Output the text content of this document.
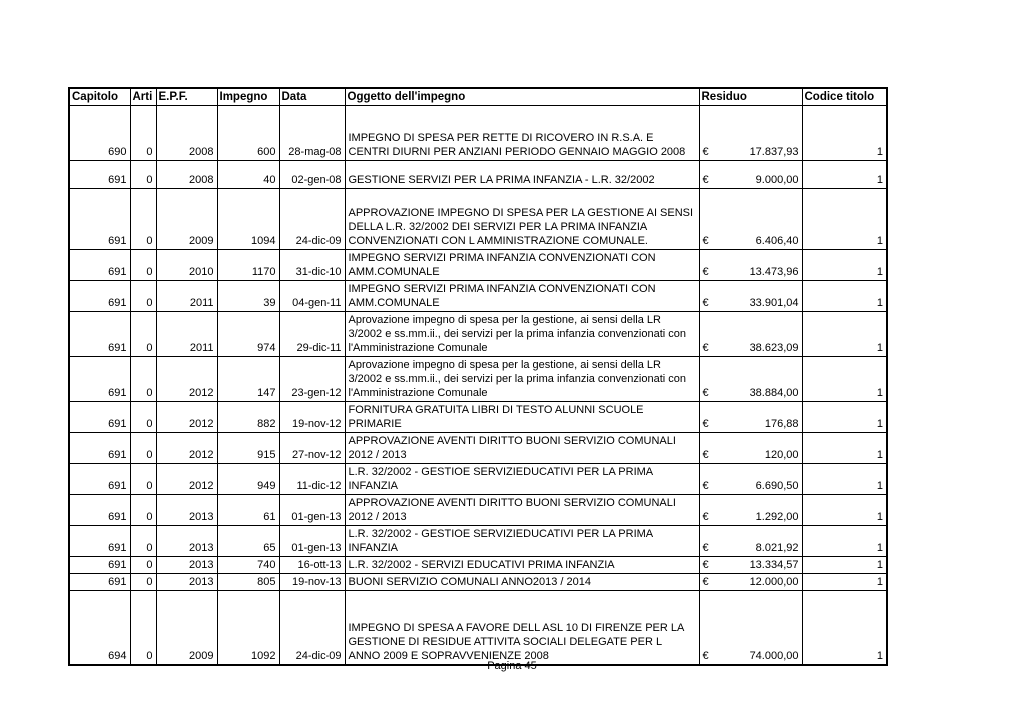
Capitolo	Arti	E.P.F.	Impegno	Data	Oggetto dell'impegno	Residuo	Codice titolo
690	0	2008	600	28-mag-08	IMPEGNO DI SPESA PER RETTE DI RICOVERO IN R.S.A. E CENTRI DIURNI PER ANZIANI PERIODO GENNAIO MAGGIO 2008	€ 17.837,93	1
691	0	2008	40	02-gen-08	GESTIONE SERVIZI PER LA PRIMA INFANZIA - L.R. 32/2002	€ 9.000,00	1
691	0	2009	1094	24-dic-09	APPROVAZIONE IMPEGNO DI SPESA PER LA GESTIONE AI SENSI DELLA L.R. 32/2002 DEI SERVIZI PER LA PRIMA INFANZIA CONVENZIONATI CON L AMMINISTRAZIONE COMUNALE.	€ 6.406,40	1
691	0	2010	1170	31-dic-10	IMPEGNO SERVIZI PRIMA INFANZIA CONVENZIONATI CON AMM.COMUNALE	€ 13.473,96	1
691	0	2011	39	04-gen-11	IMPEGNO SERVIZI PRIMA INFANZIA CONVENZIONATI CON AMM.COMUNALE	€ 33.901,04	1
691	0	2011	974	29-dic-11	Aprovazione impegno di spesa per la gestione, ai sensi della LR 3/2002 e ss.mm.ii., dei servizi per la prima infanzia convenzionati con l'Amministrazione Comunale	€ 38.623,09	1
691	0	2012	147	23-gen-12	Aprovazione impegno di spesa per la gestione, ai sensi della LR 3/2002 e ss.mm.ii., dei servizi per la prima infanzia convenzionati con l'Amministrazione Comunale	€ 38.884,00	1
691	0	2012	882	19-nov-12	FORNITURA GRATUITA LIBRI DI TESTO ALUNNI SCUOLE PRIMARIE	€ 176,88	1
691	0	2012	915	27-nov-12	APPROVAZIONE AVENTI DIRITTO BUONI SERVIZIO COMUNALI 2012 / 2013	€ 120,00	1
691	0	2012	949	11-dic-12	L.R. 32/2002 - GESTIOE SERVIZIEDUCATIVI PER LA PRIMA INFANZIA	€ 6.690,50	1
691	0	2013	61	01-gen-13	APPROVAZIONE AVENTI DIRITTO BUONI SERVIZIO COMUNALI 2012 / 2013	€ 1.292,00	1
691	0	2013	65	01-gen-13	L.R. 32/2002 - GESTIOE SERVIZIEDUCATIVI PER LA PRIMA INFANZIA	€ 8.021,92	1
691	0	2013	740	16-ott-13	L.R. 32/2002 - SERVIZI EDUCATIVI PRIMA INFANZIA	€ 13.334,57	1
691	0	2013	805	19-nov-13	BUONI SERVIZIO COMUNALI ANNO2013 / 2014	€ 12.000,00	1
694	0	2009	1092	24-dic-09	IMPEGNO DI SPESA A FAVORE DELL ASL 10 DI FIRENZE PER LA GESTIONE DI RESIDUE ATTIVITA SOCIALI DELEGATE PER L ANNO 2009 E SOPRAVVENIENZE 2008	€ 74.000,00	1
Pagina 45
